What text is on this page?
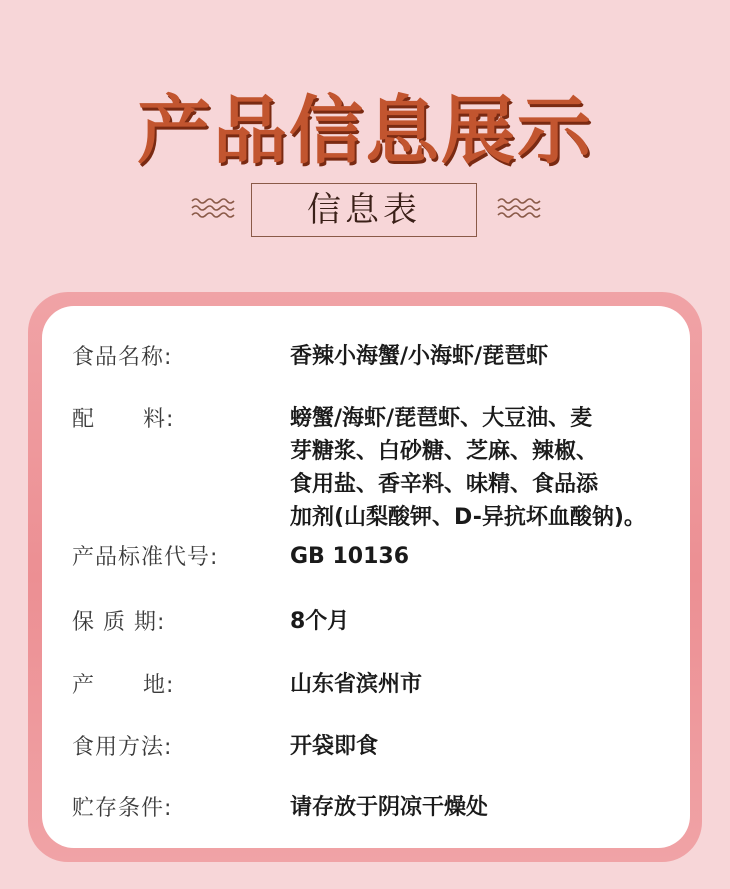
产品信息展示
信息表
食品名称:	香辣小海蟹/小海虾/琵琶虾
配      料:	螃蟹/海虾/琵琶虾、大豆油、麦
芽糖浆、白砂糖、芝麻、辣椒、
食用盐、香辛料、味精、食品添
加剂(山梨酸钾、D-异抗坏血酸钠)。
产品标准代号:	GB 10136
保 质 期:	8个月
产      地:	山东省滨州市
食用方法:	开袋即食
贮存条件:	请存放于阴凉干燥处
